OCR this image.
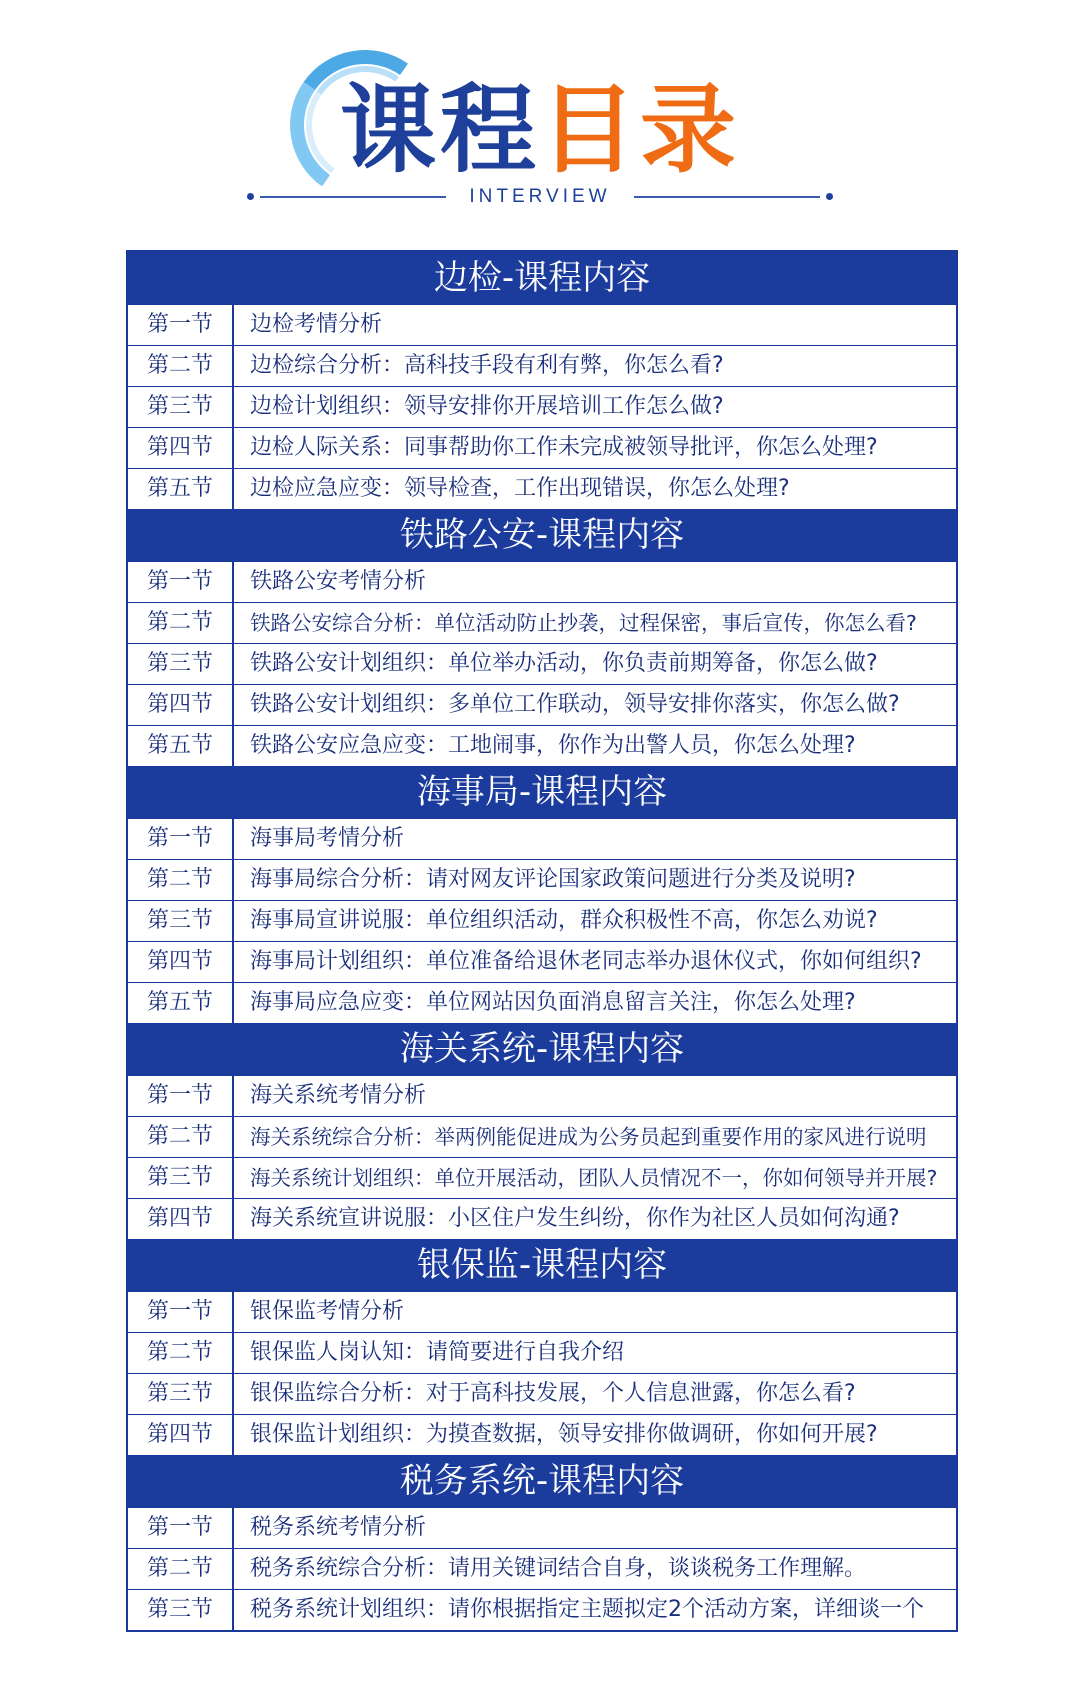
课程目录
INTERVIEW
边检-课程内容
第一节	边检考情分析
第二节	边检综合分析：高科技手段有利有弊，你怎么看?
第三节	边检计划组织：领导安排你开展培训工作怎么做?
第四节	边检人际关系：同事帮助你工作未完成被领导批评，你怎么处理?
第五节	边检应急应变：领导检查，工作出现错误，你怎么处理?
铁路公安-课程内容
第一节	铁路公安考情分析
第二节	铁路公安综合分析：单位活动防止抄袭，过程保密，事后宣传，你怎么看?
第三节	铁路公安计划组织：单位举办活动，你负责前期筹备，你怎么做?
第四节	铁路公安计划组织：多单位工作联动，领导安排你落实，你怎么做?
第五节	铁路公安应急应变：工地闹事，你作为出警人员，你怎么处理?
海事局-课程内容
第一节	海事局考情分析
第二节	海事局综合分析：请对网友评论国家政策问题进行分类及说明?
第三节	海事局宣讲说服：单位组织活动，群众积极性不高，你怎么劝说?
第四节	海事局计划组织：单位准备给退休老同志举办退休仪式，你如何组织?
第五节	海事局应急应变：单位网站因负面消息留言关注，你怎么处理?
海关系统-课程内容
第一节	海关系统考情分析
第二节	海关系统综合分析：举两例能促进成为公务员起到重要作用的家风进行说明
第三节	海关系统计划组织：单位开展活动，团队人员情况不一，你如何领导并开展?
第四节	海关系统宣讲说服：小区住户发生纠纷，你作为社区人员如何沟通?
银保监-课程内容
第一节	银保监考情分析
第二节	银保监人岗认知：请简要进行自我介绍
第三节	银保监综合分析：对于高科技发展，个人信息泄露，你怎么看?
第四节	银保监计划组织：为摸查数据，领导安排你做调研，你如何开展?
税务系统-课程内容
第一节	税务系统考情分析
第二节	税务系统综合分析：请用关键词结合自身，谈谈税务工作理解。
第三节	税务系统计划组织：请你根据指定主题拟定2个活动方案，详细谈一个
